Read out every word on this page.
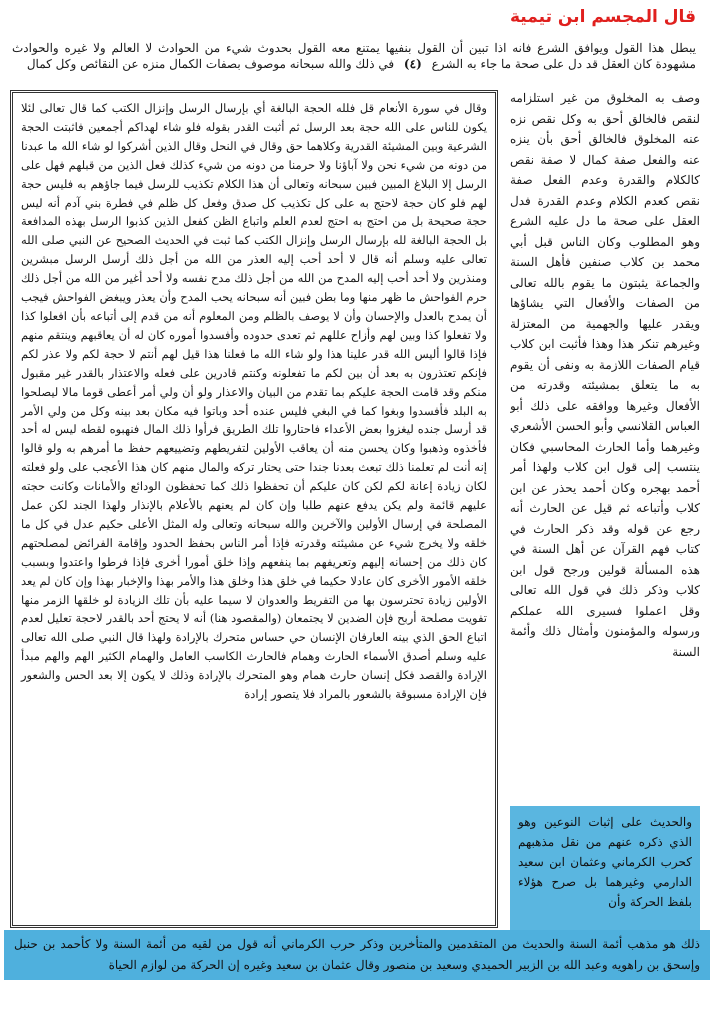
قال المجسم ابن تيمية

يبطل هذا القول ويوافق الشرع فانه اذا تبين أن القول بنفيها يمتنع معه القول بحدوث شيء من الحوادث لا العالم ولا غيره والحوادث مشهودة كان العقل قد دل على صحة ما جاء به الشرع (٤) في ذلك والله سبحانه موصوف بصفات الكمال منزه عن النقائص وكل كمال

وصف به المخلوق من غير استلزامه لنقص فالخالق أحق به وكل نقص نزه عنه المخلوق فالخالق أحق بأن ينزه عنه والفعل صفة كمال لا صفة نقص كالكلام والقدرة وعدم الفعل صفة نقص كعدم الكلام وعدم القدرة فدل العقل على صحة ما دل عليه الشرع وهو المطلوب وكان الناس قبل أبي محمد بن كلاب صنفين فأهل السنة والجماعة يثبتون ما يقوم بالله تعالى من الصفات والأفعال التي يشاؤها ويقدر عليها والجهمية من المعتزلة وغيرهم تنكر هذا وهذا فأثبت ابن كلاب قيام الصفات اللازمة به ونفى أن يقوم به ما يتعلق بمشيئته وقدرته من الأفعال وغيرها ووافقه على ذلك أبو العباس القلانسي وأبو الحسن الأشعري وغيرهما وأما الحارث المحاسبي فكان ينتسب إلى قول ابن كلاب ولهذا أمر أحمد بهجره وكان أحمد يحذر عن ابن كلاب وأتباعه ثم قيل عن الحارث أنه رجع عن قوله وقد ذكر الحارث في كتاب فهم القرآن عن أهل السنة في هذه المسألة قولين ورجح قول ابن كلاب وذكر ذلك في قول الله تعالى وقل اعملوا فسيرى الله عملكم ورسوله والمؤمنون وأمثال ذلك وأئمة السنة

وقال في سورة الأنعام قل فلله الحجة البالغة أي بإرسال الرسل وإنزال الكتب كما قال تعالى لئلا يكون للناس على الله حجة بعد الرسل ثم أثبت القدر بقوله فلو شاء لهداكم أجمعين فاثبتت الحجة الشرعية وبين المشيئة القدرية وكلاهما حق وقال في النحل وقال الذين أشركوا لو شاء الله ما عبدنا من دونه من شيء نحن ولا آباؤنا ولا حرمنا من دونه من شيء كذلك فعل الذين من قبلهم فهل على الرسل إلا البلاغ المبين فبين سبحانه وتعالى أن هذا الكلام تكذيب للرسل فيما جاؤهم به فليس حجة لهم فلو كان حجة لاحتج به على كل تكذيب كل صدق وفعل كل ظلم في فطرة بني آدم أنه ليس حجة صحيحة بل من احتج به احتج لعدم العلم واتباع الظن كفعل الذين كذبوا الرسل بهذه المدافعة بل الحجة البالغة لله بإرسال الرسل وإنزال الكتب كما ثبت في الحديث الصحيح عن النبي صلى الله تعالى عليه وسلم أنه قال لا أحد أحب إليه العذر من الله من أجل ذلك أرسل الرسل مبشرين ومنذرين ولا أحد أحب إليه المدح من الله من أجل ذلك مدح نفسه ولا أحد أغير من الله من أجل ذلك حرم الفواحش ما ظهر منها وما بطن فبين أنه سبحانه يحب المدح وأن يعذر ويبغض الفواحش فيجب أن يمدح بالعدل والإحسان وأن لا يوصف بالظلم ومن المعلوم أنه من قدم إلى أتباعه بأن افعلوا كذا ولا تفعلوا كذا وبين لهم وأزاح عللهم ثم تعدى حدوده وأفسدوا أموره كان له أن يعاقبهم وينتقم منهم فإذا قالوا أليس الله قدر علينا هذا ولو شاء الله ما فعلنا هذا قيل لهم أنتم لا حجة لكم ولا عذر لكم فإنكم تعتذرون به بعد أن بين لكم ما تفعلونه وكنتم قادرين على فعله والاعتذار بالقدر غير مقبول منكم وقد قامت الحجة عليكم بما تقدم من البيان والاعذار ولو أن ولي أمر أعطى قوما مالا ليصلحوا به البلد فأفسدوا وبغوا كما في البغي فليس عنده أحد وباتوا فيه مكان بعد بينه وكل من ولي الأمر قد أرسل جنده ليغزوا بعض الأعداء فاحتاروا تلك الطريق فرأوا ذلك المال فنهبوه لقطه ليس له أحد فأخذوه وذهبوا وكان يحسن منه أن يعاقب الأولين لتفريطهم وتضييعهم حفظ ما أمرهم به ولو قالوا إنه أنت لم تعلمنا ذلك تبعث بعدنا جندا حتى يحتار تركه والمال منهم كان هذا الأعجب على ولو فعلته لكان زيادة إعانة لكم لكن كان عليكم أن تحفظوا ذلك كما تحفظون الودائع والأمانات وكانت حجته عليهم قائمة ولم يكن يدفع عنهم طلبا وإن كان لم يعنهم بالأعلام بالإنذار ولهذا الجند لكن عمل المصلحة في إرسال الأولين والآخرين والله سبحانه وتعالى وله المثل الأعلى حكيم عدل في كل ما خلقه ولا يخرج شيء عن مشيئته وقدرته فإذا أمر الناس بحفظ الحدود وإقامة الفرائض لمصلحتهم كان ذلك من إحسانه إليهم وتعريفهم بما ينفعهم وإذا خلق أمورا أخرى فإذا فرطوا واعتدوا وبسبب خلقه الأمور الأخرى كان عادلا حكيما في خلق هذا وخلق هذا والأمر بهذا والإخبار بهذا وإن كان لم يعد الأولين زيادة تحترسون بها من التفريط والعدوان لا سيما عليه بأن تلك الزيادة لو خلقها الزمر منها تفويت مصلحة أربح فإن الضدين لا يجتمعان (والمقصود هنا) أنه لا يحتج أحد بالقدر لاحجة تعليل لعدم اتباع الحق الذي بينه العارفان الإنسان حي حساس متحرك بالإرادة ولهذا قال النبي صلى الله تعالى عليه وسلم أصدق الأسماء الحارث وهمام فالحارث الكاسب العامل والهمام الكثير الهم والهم مبدأ الإرادة والقصد فكل إنسان حارث همام وهو المتحرك بالإرادة وذلك لا يكون إلا بعد الحس والشعور فإن الإرادة مسبوقة بالشعور بالمراد فلا يتصور إرادة

والحديث على إثبات النوعين وهو الذي ذكره عنهم من نقل مذهبهم كحرب الكرماني وعثمان ابن سعيد الدارمي وغيرهما بل صرح هؤلاء بلفظ الحركة وأن

ذلك هو مذهب أئمة السنة والحديث من المتقدمين والمتأخرين وذكر حرب الكرماني أنه قول من لقيه من أئمة السنة ولا كأحمد بن حنبل وإسحق بن راهويه وعبد الله بن الزبير الحميدي وسعيد بن منصور وقال عثمان بن سعيد وغيره إن الحركة من لوازم الحياة
